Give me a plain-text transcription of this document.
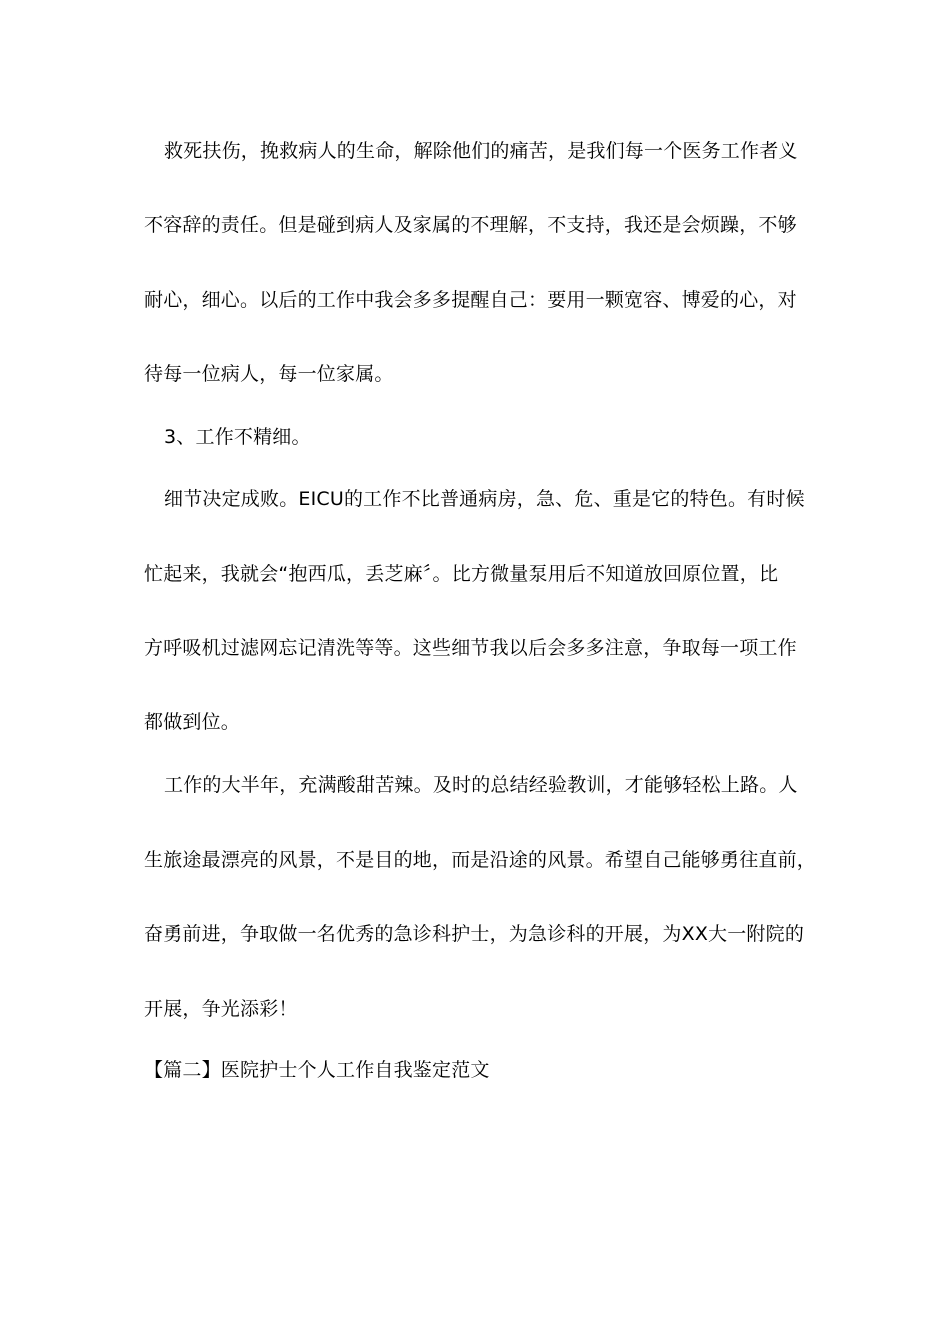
救死扶伤，挽救病人的生命，解除他们的痛苦，是我们每一个医务工作者义
不容辞的责任。但是碰到病人及家属的不理解，不支持，我还是会烦躁，不够
耐心，细心。以后的工作中我会多多提醒自己：要用一颗宽容、博爱的心，对
待每一位病人，每一位家属。
3、工作不精细。
细节决定成败。EICU的工作不比普通病房，急、危、重是它的特色。有时候
忙起来，我就会“抱西瓜，丢芝麻〞。比方微量泵用后不知道放回原位置，比
方呼吸机过滤网忘记清洗等等。这些细节我以后会多多注意，争取每一项工作
都做到位。
工作的大半年，充满酸甜苦辣。及时的总结经验教训，才能够轻松上路。人
生旅途最漂亮的风景，不是目的地，而是沿途的风景。希望自己能够勇往直前，
奋勇前进，争取做一名优秀的急诊科护士，为急诊科的开展，为XX大一附院的
开展，争光添彩！
【篇二】医院护士个人工作自我鉴定范文
